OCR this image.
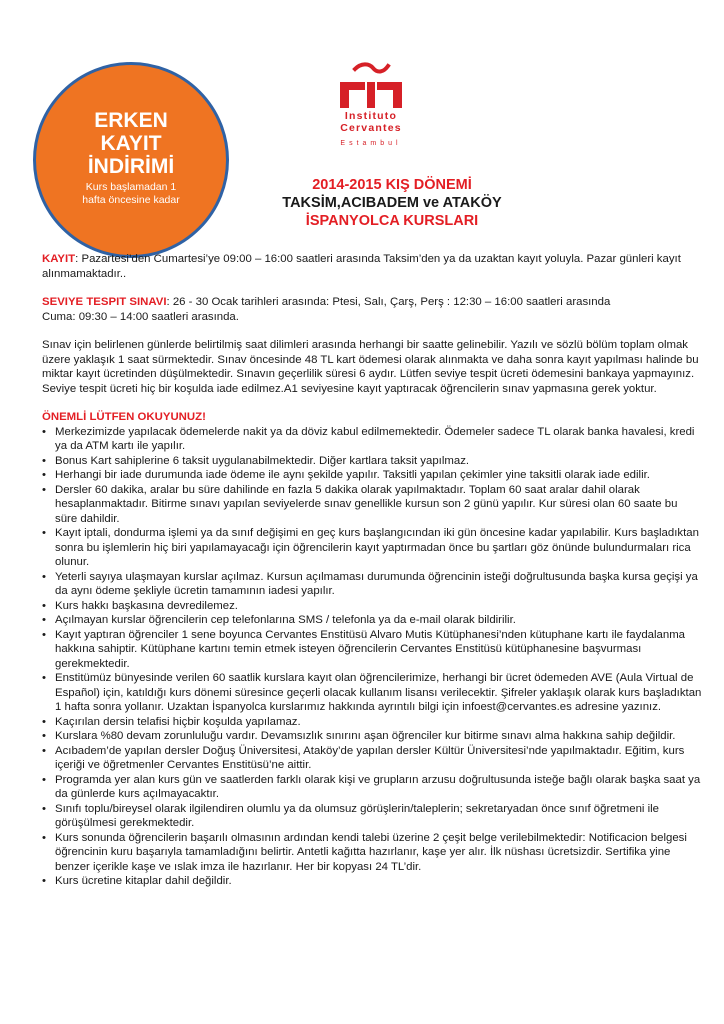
ERKEN
KAYIT
İNDİRİMİ
Kurs başlamadan 1
hafta öncesine kadar
Instituto
Cervantes
Estambul
2014-2015 KIŞ DÖNEMİ
TAKSİM,ACIBADEM ve ATAKÖY
İSPANYOLCA KURSLARI

KAYIT: Pazartesi’den Cumartesi’ye 09:00 – 16:00 saatleri arasında Taksim’den ya da uzaktan kayıt yoluyla. Pazar günleri kayıt alınmamaktadır..

SEVIYE TESPIT SINAVI: 26 - 30 Ocak tarihleri arasında: Ptesi, Salı, Çarş, Perş : 12:30 – 16:00 saatleri arasında

Cuma: 09:30 – 14:00 saatleri arasında.

Sınav için belirlenen günlerde belirtilmiş saat dilimleri arasında herhangi bir saatte gelinebilir. Yazılı ve sözlü bölüm toplam olmak üzere yaklaşık 1 saat sürmektedir. Sınav öncesinde 48 TL kart ödemesi olarak alınmakta ve daha sonra kayıt yapılması halinde bu miktar kayıt ücretinden düşülmektedir. Sınavın geçerlilik süresi 6 aydır. Lütfen seviye tespit ücreti ödemesini bankaya yapmayınız. Seviye tespit ücreti hiç bir koşulda iade edilmez.A1 seviyesine kayıt yaptıracak öğrencilerin sınav yapmasına gerek yoktur.

ÖNEMLİ LÜTFEN OKUYUNUZ!

• Merkezimizde yapılacak ödemelerde nakit ya da döviz kabul edilmemektedir. Ödemeler sadece TL olarak banka havalesi, kredi ya da ATM kartı ile yapılır.
• Bonus Kart sahiplerine 6 taksit uygulanabilmektedir. Diğer kartlara taksit yapılmaz.
• Herhangi bir iade durumunda iade ödeme ile aynı şekilde yapılır. Taksitli yapılan çekimler yine taksitli olarak iade edilir.
• Dersler 60 dakika, aralar bu süre dahilinde en fazla 5 dakika olarak yapılmaktadır. Toplam 60 saat aralar dahil olarak hesaplanmaktadır. Bitirme sınavı yapılan seviyelerde sınav genellikle kursun son 2 günü yapılır. Kur süresi olan 60 saate bu süre dahildir.
• Kayıt iptali, dondurma işlemi ya da sınıf değişimi en geç kurs başlangıcından iki gün öncesine kadar yapılabilir. Kurs başladıktan sonra bu işlemlerin hiç biri yapılamayacağı için öğrencilerin kayıt yaptırmadan önce bu şartları göz önünde bulundurmaları rica olunur.
• Yeterli sayıya ulaşmayan kurslar açılmaz. Kursun açılmaması durumunda öğrencinin isteği doğrultusunda başka kursa geçişi ya da aynı ödeme şekliyle ücretin tamamının iadesi yapılır.
• Kurs hakkı başkasına devredilemez.
• Açılmayan kurslar öğrencilerin cep telefonlarına SMS / telefonla ya da e-mail olarak bildirilir.
• Kayıt yaptıran öğrenciler 1 sene boyunca Cervantes Enstitüsü Alvaro Mutis Kütüphanesi’nden kütuphane kartı ile faydalanma hakkına sahiptir. Kütüphane kartını temin etmek isteyen öğrencilerin Cervantes Enstitüsü kütüphanesine başvurması gerekmektedir.
• Enstitümüz bünyesinde verilen 60 saatlik kurslara kayıt olan öğrencilerimize, herhangi bir ücret ödemeden AVE (Aula Virtual de Español) için, katıldığı kurs dönemi süresince geçerli olacak kullanım lisansı verilecektir. Şifreler yaklaşık olarak kurs başladıktan 1 hafta sonra yollanır. Uzaktan İspanyolca kurslarımız hakkında ayrıntılı bilgi için infoest@cervantes.es adresine yazınız.
• Kaçırılan dersin telafisi hiçbir koşulda yapılamaz.
• Kurslara %80 devam zorunluluğu vardır. Devamsızlık sınırını aşan öğrenciler kur bitirme sınavı alma hakkına sahip değildir.
• Acıbadem’de yapılan dersler Doğuş Üniversitesi, Ataköy’de yapılan dersler Kültür Üniversitesi’nde yapılmaktadır. Eğitim, kurs içeriği ve öğretmenler Cervantes Enstitüsü’ne aittir.
• Programda yer alan kurs gün ve saatlerden farklı olarak kişi ve grupların arzusu doğrultusunda isteğe bağlı olarak başka saat ya da günlerde kurs açılmayacaktır.
• Sınıfı toplu/bireysel olarak ilgilendiren olumlu ya da olumsuz görüşlerin/taleplerin; sekretaryadan önce sınıf öğretmeni ile görüşülmesi gerekmektedir.
• Kurs sonunda öğrencilerin başarılı olmasının ardından kendi talebi üzerine 2 çeşit belge verilebilmektedir: Notificacion belgesi öğrencinin kuru başarıyla tamamladığını belirtir. Antetli kağıtta hazırlanır, kaşe yer alır. İlk nüshası ücretsizdir. Sertifika yine benzer içerikle kaşe ve ıslak imza ile hazırlanır. Her bir kopyası 24 TL’dir.
• Kurs ücretine kitaplar dahil değildir.
